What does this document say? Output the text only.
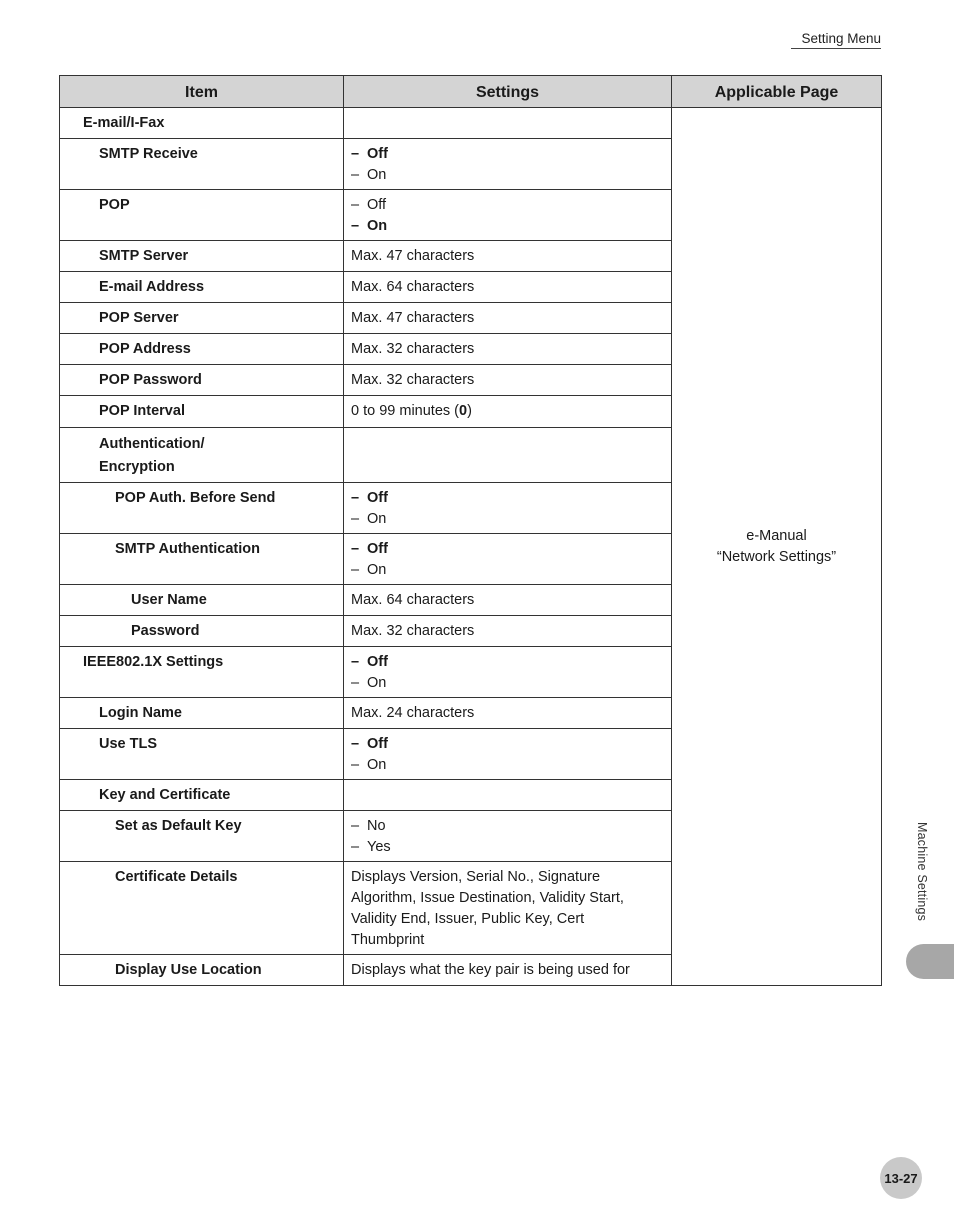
Setting Menu
Item	Settings	Applicable Page
E-mail/I-Fax		e-Manual
“Network Settings”

SMTP Receive	– Off
– On	

POP	– Off
– On	

SMTP Server	Max. 47 characters	
E-mail Address	Max. 64 characters	
POP Server	Max. 47 characters	
POP Address	Max. 32 characters	
POP Password	Max. 32 characters	
POP Interval	0 to 99 minutes (0)	
Authentication/ Encryption		
POP Auth. Before Send	– Off
– On	

SMTP Authentication	– Off
– On	

User Name	Max. 64 characters	
Password	Max. 32 characters	
IEEE802.1X Settings	– Off
– On	

Login Name	Max. 24 characters	
Use TLS	– Off
– On	

Key and Certificate		
Set as Default Key	– No
– Yes	

Certificate Details	Displays Version, Serial No., Signature Algorithm, Issue Destination, Validity Start, Validity End, Issuer, Public Key, Cert Thumbprint	
Display Use Location	Displays what the key pair is being used for	
Machine Settings
13-27
